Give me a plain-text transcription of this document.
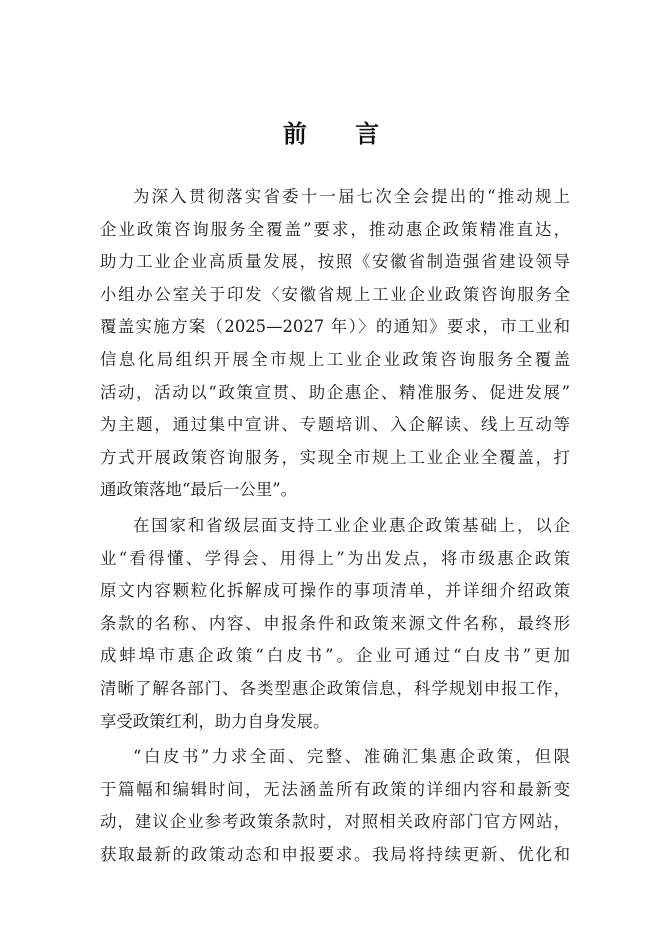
前 言
为深入贯彻落实省委十一届七次全会提出的“推动规上
企业政策咨询服务全覆盖”要求，推动惠企政策精准直达，
助力工业企业高质量发展，按照《安徽省制造强省建设领导
小组办公室关于印发〈安徽省规上工业企业政策咨询服务全
覆盖实施方案（2025—2027 年）〉的通知》要求，市工业和
信息化局组织开展全市规上工业企业政策咨询服务全覆盖
活动，活动以“政策宣贯、助企惠企、精准服务、促进发展”
为主题，通过集中宣讲、专题培训、入企解读、线上互动等
方式开展政策咨询服务，实现全市规上工业企业全覆盖，打
通政策落地“最后一公里”。
在国家和省级层面支持工业企业惠企政策基础上，以企
业“看得懂、学得会、用得上”为出发点，将市级惠企政策
原文内容颗粒化拆解成可操作的事项清单，并详细介绍政策
条款的名称、内容、申报条件和政策来源文件名称，最终形
成蚌埠市惠企政策“白皮书”。企业可通过“白皮书”更加
清晰了解各部门、各类型惠企政策信息，科学规划申报工作，
享受政策红利，助力自身发展。
“白皮书”力求全面、完整、准确汇集惠企政策，但限
于篇幅和编辑时间，无法涵盖所有政策的详细内容和最新变
动，建议企业参考政策条款时，对照相关政府部门官方网站，
获取最新的政策动态和申报要求。我局将持续更新、优化和
